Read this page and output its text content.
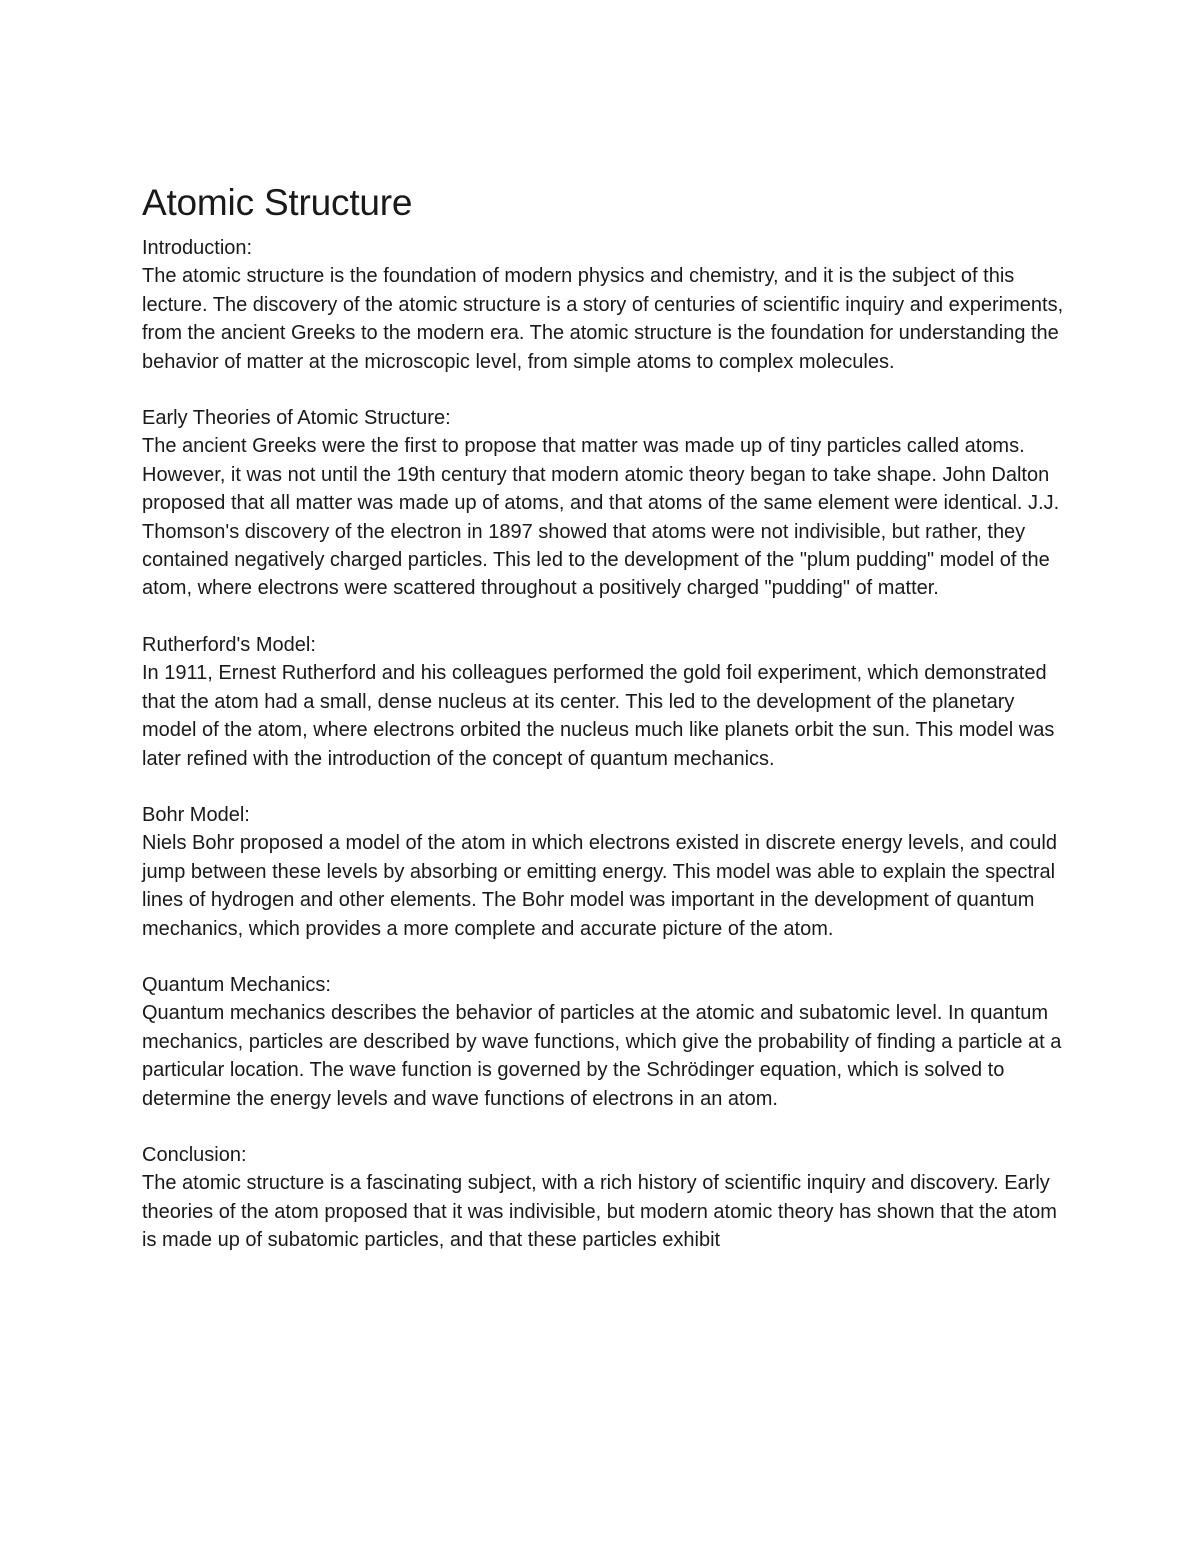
Atomic Structure

Introduction:

The atomic structure is the foundation of modern physics and chemistry, and it is the subject of this lecture. The discovery of the atomic structure is a story of centuries of scientific inquiry and experiments, from the ancient Greeks to the modern era. The atomic structure is the foundation for understanding the behavior of matter at the microscopic level, from simple atoms to complex molecules.

Early Theories of Atomic Structure:

The ancient Greeks were the first to propose that matter was made up of tiny particles called atoms. However, it was not until the 19th century that modern atomic theory began to take shape. John Dalton proposed that all matter was made up of atoms, and that atoms of the same element were identical. J.J. Thomson's discovery of the electron in 1897 showed that atoms were not indivisible, but rather, they contained negatively charged particles. This led to the development of the "plum pudding" model of the atom, where electrons were scattered throughout a positively charged "pudding" of matter.

Rutherford's Model:

In 1911, Ernest Rutherford and his colleagues performed the gold foil experiment, which demonstrated that the atom had a small, dense nucleus at its center. This led to the development of the planetary model of the atom, where electrons orbited the nucleus much like planets orbit the sun. This model was later refined with the introduction of the concept of quantum mechanics.

Bohr Model:

Niels Bohr proposed a model of the atom in which electrons existed in discrete energy levels, and could jump between these levels by absorbing or emitting energy. This model was able to explain the spectral lines of hydrogen and other elements. The Bohr model was important in the development of quantum mechanics, which provides a more complete and accurate picture of the atom.

Quantum Mechanics:

Quantum mechanics describes the behavior of particles at the atomic and subatomic level. In quantum mechanics, particles are described by wave functions, which give the probability of finding a particle at a particular location. The wave function is governed by the Schrödinger equation, which is solved to determine the energy levels and wave functions of electrons in an atom.

Conclusion:

The atomic structure is a fascinating subject, with a rich history of scientific inquiry and discovery. Early theories of the atom proposed that it was indivisible, but modern atomic theory has shown that the atom is made up of subatomic particles, and that these particles exhibit
